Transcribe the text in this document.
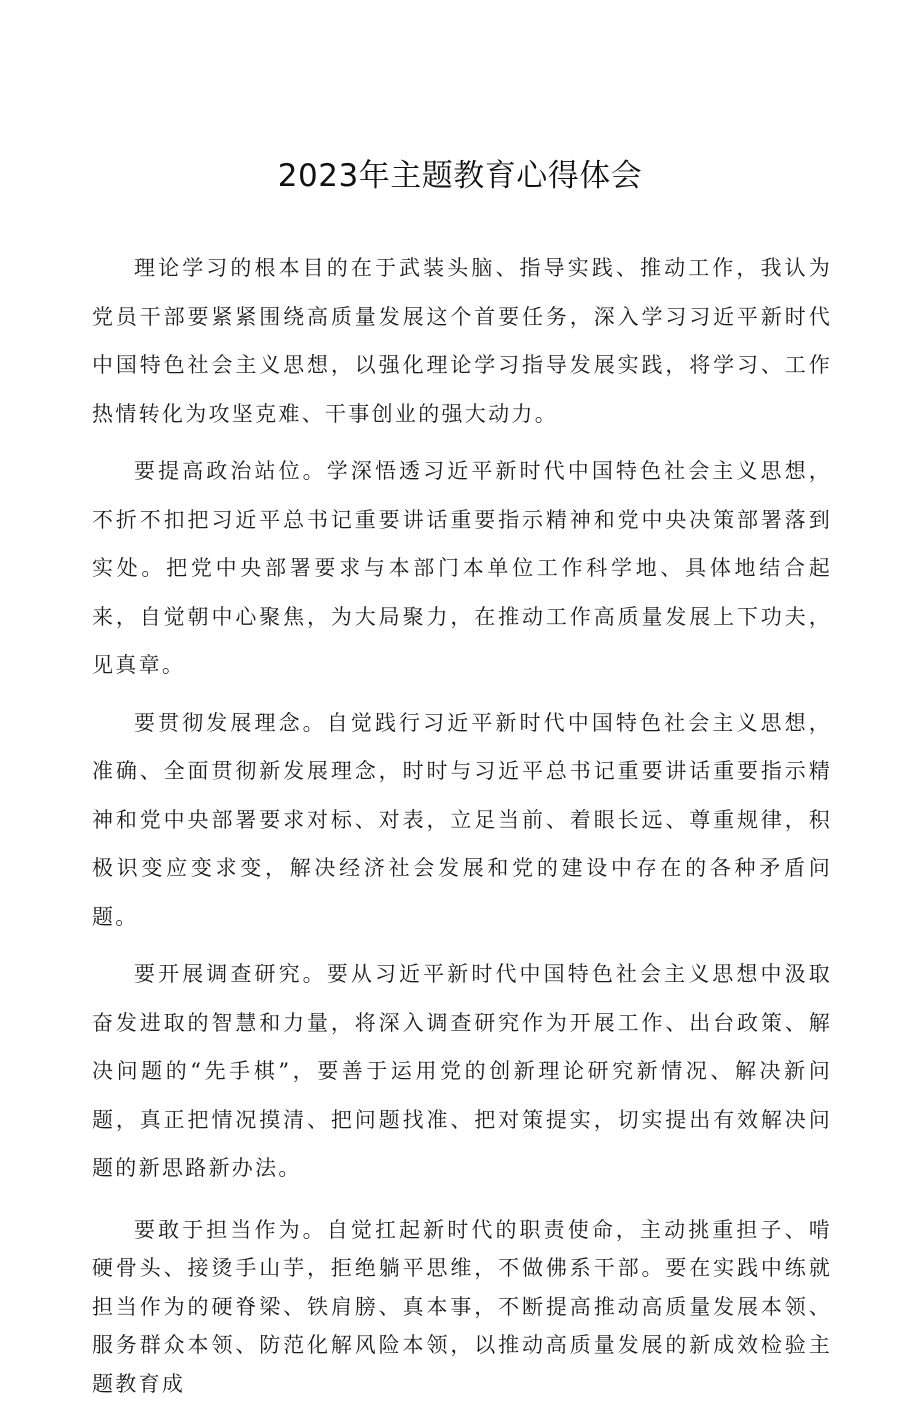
2023年主题教育心得体会

理论学习的根本目的在于武装头脑、指导实践、推动工作，我认为党员干部要紧紧围绕高质量发展这个首要任务，深入学习习近平新时代中国特色社会主义思想，以强化理论学习指导发展实践，将学习、工作热情转化为攻坚克难、干事创业的强大动力。

要提高政治站位。学深悟透习近平新时代中国特色社会主义思想，不折不扣把习近平总书记重要讲话重要指示精神和党中央决策部署落到实处。把党中央部署要求与本部门本单位工作科学地、具体地结合起来，自觉朝中心聚焦，为大局聚力，在推动工作高质量发展上下功夫，见真章。

要贯彻发展理念。自觉践行习近平新时代中国特色社会主义思想，准确、全面贯彻新发展理念，时时与习近平总书记重要讲话重要指示精神和党中央部署要求对标、对表，立足当前、着眼长远、尊重规律，积极识变应变求变，解决经济社会发展和党的建设中存在的各种矛盾问题。

要开展调查研究。要从习近平新时代中国特色社会主义思想中汲取奋发进取的智慧和力量，将深入调查研究作为开展工作、出台政策、解决问题的“先手棋”，要善于运用党的创新理论研究新情况、解决新问题，真正把情况摸清、把问题找准、把对策提实，切实提出有效解决问题的新思路新办法。

要敢于担当作为。自觉扛起新时代的职责使命，主动挑重担子、啃硬骨头、接烫手山芋，拒绝躺平思维，不做佛系干部。要在实践中练就担当作为的硬脊梁、铁肩膀、真本事，不断提高推动高质量发展本领、服务群众本领、防范化解风险本领，以推动高质量发展的新成效检验主题教育成
